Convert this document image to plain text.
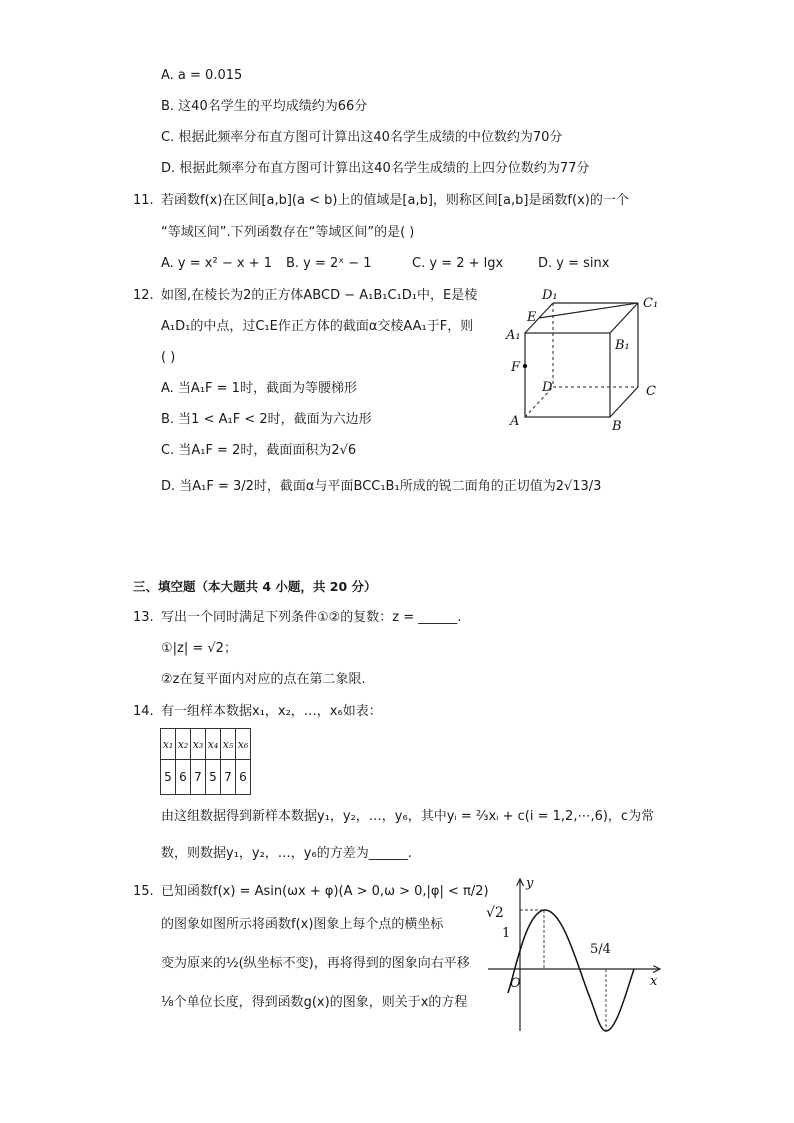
A. a = 0.015
B. 这40名学生的平均成绩约为66分
C. 根据此频率分布直方图可计算出这40名学生成绩的中位数约为70分
D. 根据此频率分布直方图可计算出这40名学生成绩的上四分位数约为77分
11. 若函数f(x)在区间[a,b](a < b)上的值域是[a,b]，则称区间[a,b]是函数f(x)的一个
“等域区间”.下列函数存在“等域区间”的是( )
A. y = x² − x + 1 B. y = 2ˣ − 1	C. y = 2 + lgx	D. y = sinx
12. 如图,在棱长为2的正方体ABCD − A₁B₁C₁D₁中，E是棱
A₁D₁的中点，过C₁E作正方体的截面α交棱AA₁于F，则
( )
A. 当A₁F = 1时，截面为等腰梯形
B. 当1 < A₁F < 2时，截面为六边形
C. 当A₁F = 2时，截面面积为2√6
D. 当A₁F = 3/2时，截面α与平面BCC₁B₁所成的锐二面角的正切值为2√13/3
D₁
C₁
E
A₁
B₁
F
D	C
A	B
三、填空题（本大题共 4 小题，共 20 分）
13. 写出一个同时满足下列条件①②的复数：z = ______.
①|z| = √2；
②z在复平面内对应的点在第二象限.
14. 有一组样本数据x₁，x₂，…，x₆如表：
x₁	x₂	x₃	x₄	x₅	x₆
5	6	7	5	7	6
由这组数据得到新样本数据y₁，y₂，…，y₆，其中yᵢ = ⅔xᵢ + c(i = 1,2,⋯,6)，c为常
数，则数据y₁，y₂，…，y₆的方差为______.
15. 已知函数f(x) = Asin(ωx + φ)(A > 0,ω > 0,|φ| < π/2)
的图象如图所示将函数f(x)图象上每个点的横坐标
变为原来的½(纵坐标不变)，再将得到的图象向右平移
⅛个单位长度，得到函数g(x)的图象，则关于x的方程
y
x
O
√2
1
5/4
